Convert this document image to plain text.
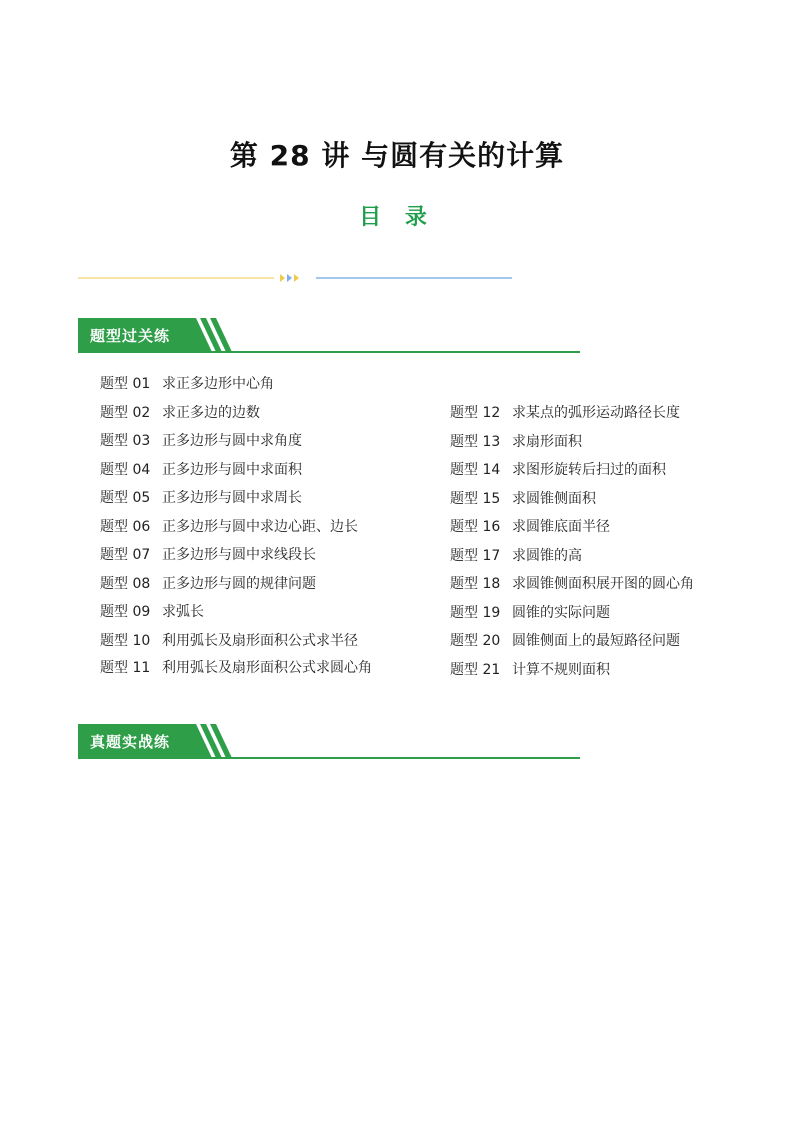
第 28 讲 与圆有关的计算
目 录
题型过关练
题型 01 求正多边形中心角
题型 02 求正多边的边数
题型 03 正多边形与圆中求角度
题型 04 正多边形与圆中求面积
题型 05 正多边形与圆中求周长
题型 06 正多边形与圆中求边心距、边长
题型 07 正多边形与圆中求线段长
题型 08 正多边形与圆的规律问题
题型 09 求弧长
题型 10 利用弧长及扇形面积公式求半径
题型 11 利用弧长及扇形面积公式求圆心角
题型 12 求某点的弧形运动路径长度
题型 13 求扇形面积
题型 14 求图形旋转后扫过的面积
题型 15 求圆锥侧面积
题型 16 求圆锥底面半径
题型 17 求圆锥的高
题型 18 求圆锥侧面积展开图的圆心角
题型 19 圆锥的实际问题
题型 20 圆锥侧面上的最短路径问题
题型 21 计算不规则面积
真题实战练
